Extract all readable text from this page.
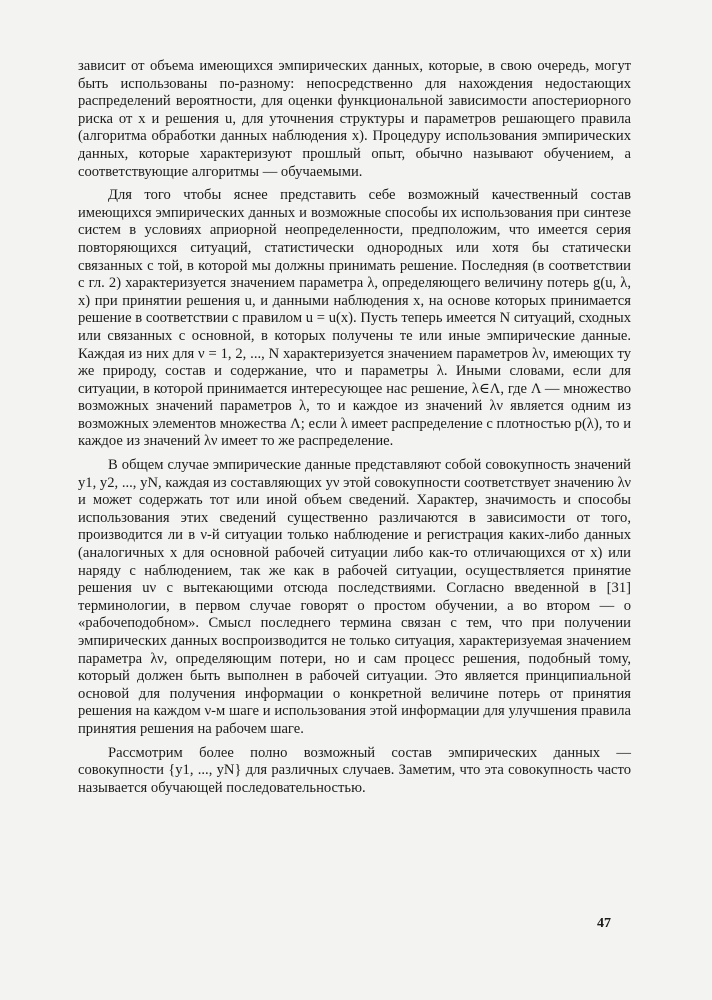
зависит от объема имеющихся эмпирических данных, которые, в свою очередь, могут быть использованы по-разному: непосредственно для нахождения недостающих распределений вероятности, для оценки функциональной зависимости апостериорного риска от x и решения u, для уточнения структуры и параметров решающего правила (алгоритма обработки данных наблюдения x). Процедуру использования эмпирических данных, которые характеризуют прошлый опыт, обычно называют обучением, а соответствующие алгоритмы — обучаемыми.

Для того чтобы яснее представить себе возможный качественный состав имеющихся эмпирических данных и возможные способы их использования при синтезе систем в условиях априорной неопределенности, предположим, что имеется серия повторяющихся ситуаций, статистически однородных или хотя бы статически связанных с той, в которой мы должны принимать решение. Последняя (в соответствии с гл. 2) характеризуется значением параметра λ, определяющего величину потерь g(u, λ, x) при принятии решения u, и данными наблюдения x, на основе которых принимается решение в соответствии с правилом u = u(x). Пусть теперь имеется N ситуаций, сходных или связанных с основной, в которых получены те или иные эмпирические данные. Каждая из них для ν = 1, 2, ..., N характеризуется значением параметров λν, имеющих ту же природу, состав и содержание, что и параметры λ. Иными словами, если для ситуации, в которой принимается интересующее нас решение, λ∈Λ, где Λ — множество возможных значений параметров λ, то и каждое из значений λν является одним из возможных элементов множества Λ; если λ имеет распределение с плотностью p(λ), то и каждое из значений λν имеет то же распределение.

В общем случае эмпирические данные представляют собой совокупность значений y1, y2, ..., yN, каждая из составляющих yν этой совокупности соответствует значению λν и может содержать тот или иной объем сведений. Характер, значимость и способы использования этих сведений существенно различаются в зависимости от того, производится ли в ν-й ситуации только наблюдение и регистрация каких-либо данных (аналогичных x для основной рабочей ситуации либо как-то отличающихся от x) или наряду с наблюдением, так же как в рабочей ситуации, осуществляется принятие решения uν с вытекающими отсюда последствиями. Согласно введенной в [31] терминологии, в первом случае говорят о простом обучении, а во втором — о «рабочеподобном». Смысл последнего термина связан с тем, что при получении эмпирических данных воспроизводится не только ситуация, характеризуемая значением параметра λν, определяющим потери, но и сам процесс решения, подобный тому, который должен быть выполнен в рабочей ситуации. Это является принципиальной основой для получения информации о конкретной величине потерь от принятия решения на каждом ν-м шаге и использования этой информации для улучшения правила принятия решения на рабочем шаге.

Рассмотрим более полно возможный состав эмпирических данных — совокупности {y1, ..., yN} для различных случаев. Заметим, что эта совокупность часто называется обучающей последовательностью.

47
